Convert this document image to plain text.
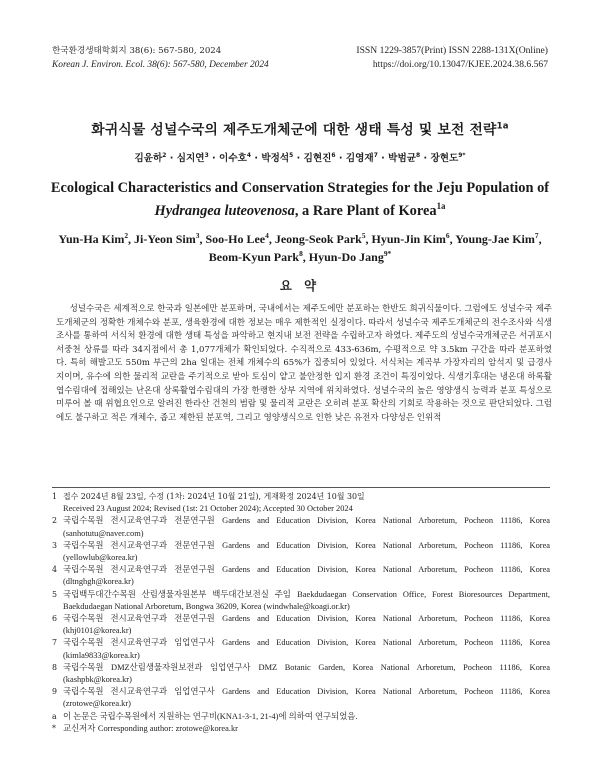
한국환경생태학회지 38(6): 567-580, 2024
Korean J. Environ. Ecol. 38(6): 567-580, December 2024
ISSN 1229-3857(Print) ISSN 2288-131X(Online)
https://doi.org/10.13047/KJEE.2024.38.6.567
화귀식물 성널수국의 제주도개체군에 대한 생태 특성 및 보전 전략$^{1a}$
김윤하$^2$ · 심지연$^3$ · 이수호$^4$ · 박정석$^5$ · 김현진$^6$ · 김영재$^7$ · 박범균$^8$ · 장현도$^{9*}$
Ecological Characteristics and Conservation Strategies for the Jeju Population of
Hydrangea luteovenosa, a Rare Plant of Korea$^{1a}$
Yun-Ha Kim$^2$, Ji-Yeon Sim$^3$, Soo-Ho Lee$^4$, Jeong-Seok Park$^5$, Hyun-Jin Kim$^6$, Young-Jae Kim$^7$,
Beom-Kyun Park$^8$, Hyun-Do Jang$^{9*}$
요 약
성널수국은 세계적으로 한국과 일본에만 분포하며, 국내에서는 제주도에만 분포하는 한반도 희귀식물이다. 그럼에도 성널수국 제주도개체군의 정확한 개체수와 분포, 생육환경에 대한 정보는 매우 제한적인 실정이다. 따라서 성널수국 제주도개체군의 전수조사와 식생조사를 통하여 서식처 환경에 대한 생태 특성을 파악하고 현지내 보전 전략을 수립하고자 하였다. 제주도의 성널수국개체군은 서귀포시 서중천 상류를 따라 34지점에서 총 1,077개체가 확인되었다. 수직적으로 433-636m, 수평적으로 약 3.5km 구간을 따라 분포하였다. 특히 해발고도 550m 부근의 2ha 일대는 전체 개체수의 65%가 집중되어 있었다. 서식처는 계곡부 가장자리의 암석지 및 급경사지이며, 유수에 의한 물리적 교란을 주기적으로 받아 토심이 얕고 불안정한 입지 환경 조건이 특징이었다. 식생기후대는 냉온대 하록활엽수림대에 접해있는 난온대 상록활엽수림대의 가장 한랭한 상부 지역에 위치하였다. 성널수국의 높은 영양생식 능력과 분포 특성으로 미루어 볼 때 위협요인으로 알려진 한라산 건천의 범람 및 물리적 교란은 오히려 분포 확산의 기회로 작용하는 것으로 판단되었다. 그럼에도 불구하고 적은 개체수, 좁고 제한된 분포역, 그리고 영양생식으로 인한 낮은 유전자 다양성은 인위적
1 접수 2024년 8월 23일, 수정 (1차: 2024년 10월 21일), 게재확정 2024년 10월 30일
Received 23 August 2024; Revised (1st: 21 October 2024); Accepted 30 October 2024
2 국립수목원 전시교육연구과 전문연구원 Gardens and Education Division, Korea National Arboretum, Pocheon 11186, Korea (sanhotutu@naver.com)
3 국립수목원 전시교육연구과 전문연구원 Gardens and Education Division, Korea National Arboretum, Pocheon 11186, Korea (yellowlub@korea.kr)
4 국립수목원 전시교육연구과 전문연구원 Gardens and Education Division, Korea National Arboretum, Pocheon 11186, Korea (dltnghgh@korea.kr)
5 국립백두대간수목원 산림생물자원본부 백두대간보전실 주임 Baekdudaegan Conservation Office, Forest Bioresources Department, Baekdudaegan National Arboretum, Bongwa 36209, Korea (windwhale@koagi.or.kr)
6 국립수목원 전시교육연구과 전문연구원 Gardens and Education Division, Korea National Arboretum, Pocheon 11186, Korea (khj0101@korea.kr)
7 국립수목원 전시교육연구과 임업연구사 Gardens and Education Division, Korea National Arboretum, Pocheon 11186, Korea (kimla9833@korea.kr)
8 국립수목원 DMZ산림생물자원보전과 임업연구사 DMZ Botanic Garden, Korea National Arboretum, Pocheon 11186, Korea (kashpbk@korea.kr)
9 국립수목원 전시교육연구과 임업연구사 Gardens and Education Division, Korea National Arboretum, Pocheon 11186, Korea (zrotowe@korea.kr)
a 이 논문은 국립수목원에서 지원하는 연구비(KNA1-3-1, 21-4)에 의하여 연구되었음.
* 교신저자 Corresponding author: zrotowe@korea.kr
